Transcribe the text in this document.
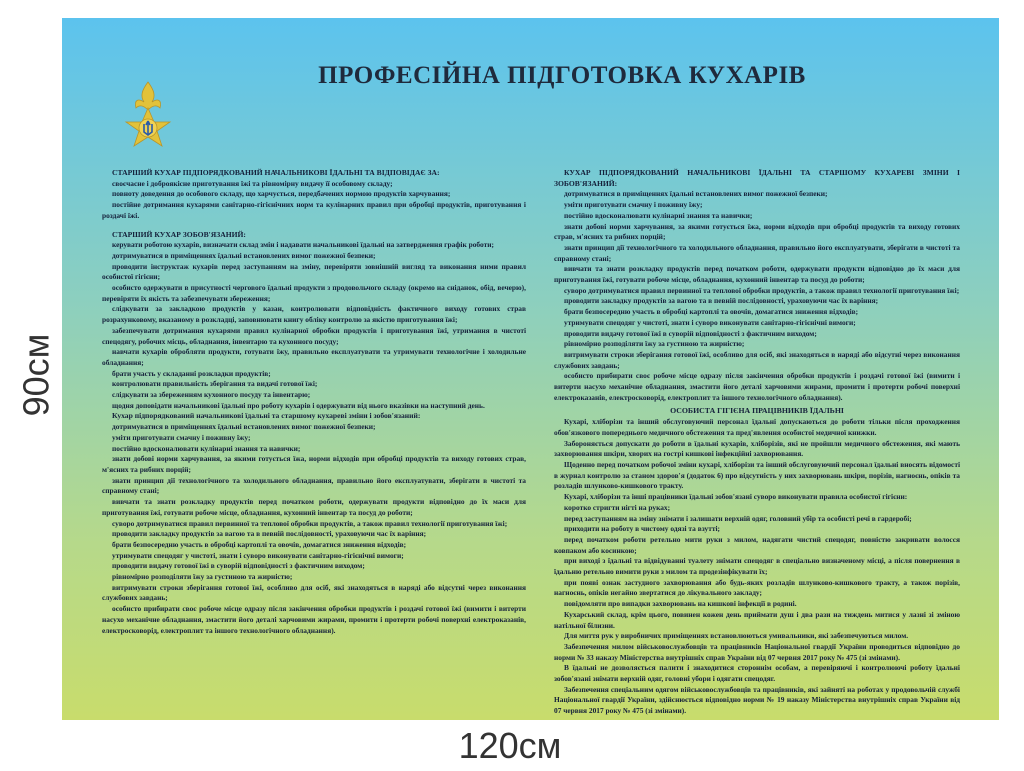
90см
ПРОФЕСІЙНА ПІДГОТОВКА КУХАРІВ

СТАРШИЙ КУХАР ПІДПОРЯДКОВАНИЙ НАЧАЛЬНИКОВІ ЇДАЛЬНІ ТА ВІДПОВІДАЄ ЗА:

своєчасне і доброякісне приготування їжі та рівномірну видачу її особовому складу;

повноту доведення до особового складу, що харчується, передбачених нормою продуктів харчування;

постійне дотримання кухарями санітарно-гігієнічних норм та кулінарних правил при обробці продуктів, приготування і роздачі їжі.

СТАРШИЙ КУХАР ЗОБОВ'ЯЗАНИЙ:

керувати роботою кухарів, визначати склад змін і надавати начальникові їдальні на затвердження графік роботи;

дотримуватися в приміщеннях їдальні встановлених вимог пожежної безпеки;

проводити інструктаж кухарів перед заступанням на зміну, перевіряти зовнішній вигляд та виконання ними правил особистої гігієни;

особисто одержувати в присутності чергового їдальні продукти з продовольчого складу (окремо на сніданок, обід, вечерю), перевіряти їх якість та забезпечувати збереження;

слідкувати за закладкою продуктів у казан, контролювати відповідність фактичного виходу готових страв розрахунковому, вказаному в розкладці, заповнювати книгу обліку контролю за якістю приготування їжі;

забезпечувати дотримання кухарями правил кулінарної обробки продуктів і приготування їжі, утримання в чистоті спецодягу, робочих місць, обладнання, інвентарю та кухонного посуду;

навчати кухарів обробляти продукти, готувати їжу, правильно експлуатувати та утримувати технологічне і холодильне обладнання;

брати участь у складанні розкладки продуктів;

контролювати правильність зберігання та видачі готової їжі;

слідкувати за збереженням кухонного посуду та інвентарю;

щодня доповідати начальникові їдальні про роботу кухарів і одержувати від нього вказівки на наступний день.

Кухар підпорядкований начальникові їдальні та старшому кухареві зміни і зобов'язаний:

дотримуватися в приміщеннях їдальні встановлених вимог пожежної безпеки;

уміти приготувати смачну і поживну їжу;

постійно вдосконалювати кулінарні знання та навички;

знати добові норми харчування, за якими готується їжа, норми відходів при обробці продуктів та виходу готових страв, м'ясних та рибних порцій;

знати принцип дії технологічного та холодильного обладнання, правильно його експлуатувати, зберігати в чистоті та справному стані;

вивчати та знати розкладку продуктів перед початком роботи, одержувати продукти відповідно до їх маси для приготування їжі, готувати робоче місце, обладнання, кухонний інвентар та посуд до роботи;

суворо дотримуватися правил первинної та теплової обробки продуктів, а також правил технології приготування їжі;

проводити закладку продуктів за вагою та в певній послідовності, ураховуючи час їх варіння;

брати безпосередню участь в обробці картоплі та овочів, домагатися зниження відходів;

утримувати спецодяг у чистоті, знати і суворо виконувати санітарно-гігієнічні вимоги;

проводити видачу готової їжі в суворій відповідності з фактичним виходом;

рівномірно розподіляти їжу за густиною та жирністю;

витримувати строки зберігання готової їжі, особливо для осіб, які знаходяться в наряді або відсутні через виконання службових завдань;

особисто прибирати своє робоче місце одразу після закінчення обробки продуктів і роздачі готової їжі (вимити і витерти насухо механічне обладнання, змастити його деталі харчовими жирами, промити і протерти робочі поверхні електроказанів, електросковорід, електроплит та іншого технологічного обладнання).

КУХАР ПІДПОРЯДКОВАНИЙ НАЧАЛЬНИКОВІ ЇДАЛЬНІ ТА СТАРШОМУ КУХАРЕВІ ЗМІНИ І ЗОБОВ'ЯЗАНИЙ:

дотримуватися в приміщеннях їдальні встановлених вимог пожежної безпеки;

уміти приготувати смачну і поживну їжу;

постійно вдосконалювати кулінарні знання та навички;

знати добові норми харчування, за якими готується їжа, норми відходів при обробці продуктів та виходу готових страв, м'ясних та рибних порцій;

знати принцип дії технологічного та холодильного обладнання, правильно його експлуатувати, зберігати в чистоті та справному стані;

вивчати та знати розкладку продуктів перед початком роботи, одержувати продукти відповідно до їх маси для приготування їжі, готувати робоче місце, обладнання, кухонний інвентар та посуд до роботи;

суворо дотримуватися правил первинної та теплової обробки продуктів, а також правил технології приготування їжі;

проводити закладку продуктів за вагою та в певній послідовності, ураховуючи час їх варіння;

брати безпосередню участь в обробці картоплі та овочів, домагатися зниження відходів;

утримувати спецодяг у чистоті, знати і суворо виконувати санітарно-гігієнічні вимоги;

проводити видачу готової їжі в суворій відповідності з фактичним виходом;

рівномірно розподіляти їжу за густиною та жирністю;

витримувати строки зберігання готової їжі, особливо для осіб, які знаходяться в наряді або відсутні через виконання службових завдань;

особисто прибирати своє робоче місце одразу після закінчення обробки продуктів і роздачі готової їжі (вимити і витерти насухо механічне обладнання, змастити його деталі харчовими жирами, промити і протерти робочі поверхні електроказанів, електросковорід, електроплит та іншого технологічного обладнання).

ОСОБИСТА ГІГІЄНА ПРАЦІВНИКІВ ЇДАЛЬНІ

Кухарі, хліборізи та інший обслуговуючий персонал їдальні допускаються до роботи тільки після проходження обов'язкового попереднього медичного обстеження та пред'явлення особистої медичної книжки.

Забороняється допускати до роботи в їдальні кухарів, хліборізів, які не пройшли медичного обстеження, які мають захворювання шкіри, хворих на гострі кишкові інфекційні захворювання.

Щоденно перед початком робочої зміни кухарі, хліборізи та інший обслуговуючий персонал їдальні вносять відомості в журнал контролю за станом здоров'я (додаток 6) про відсутність у них захворювань шкіри, порізів, нагноєнь, опіків та розладів шлунково-кишкового тракту.

Кухарі, хліборізи та інші працівники їдальні зобов'язані суворо виконувати правила особистої гігієни:

коротко стригти нігті на руках;

перед заступанням на зміну знімати і залишати верхній одяг, головний убір та особисті речі в гардеробі;

приходити на роботу в чистому одязі та взутті;

перед початком роботи ретельно мити руки з милом, надягати чистий спецодяг, повністю закривати волосся ковпаком або косинкою;

при виході з їдальні та відвідуванні туалету знімати спецодяг в спеціально визначеному місці, а після повернення в їдальню ретельно вимити руки з милом та продезінфікувати їх;

при появі ознак застудного захворювання або будь-яких розладів шлунково-кишкового тракту, а також порізів, нагноєнь, опіків негайно звертатися до лікувального закладу;

повідомляти про випадки захворювань на кишкові інфекції в родині.

Кухарський склад, крім цього, повинен кожен день приймати душ і два рази на тиждень митися у лазні зі зміною натільної білизни.

Для миття рук у виробничих приміщеннях встановлюються умивальники, які забезпечуються милом.

Забезпечення милом військовослужбовців та працівників Національної гвардії України проводиться відповідно до норми № 33 наказу Міністерства внутрішніх справ України від 07 червня 2017 року № 475 (зі змінами).

В їдальні не дозволяється палити і знаходитися стороннім особам, а перевіряючі і контролюючі роботу їдальні зобов'язані знімати верхній одяг, головні убори і одягати спецодяг.

Забезпечення спеціальним одягом військовослужбовців та працівників, які зайняті на роботах у продовольчій службі Національної гвардії України, здійснюється відповідно норми № 19 наказу Міністерства внутрішніх справ України від 07 червня 2017 року № 475 (зі змінами).

120см
